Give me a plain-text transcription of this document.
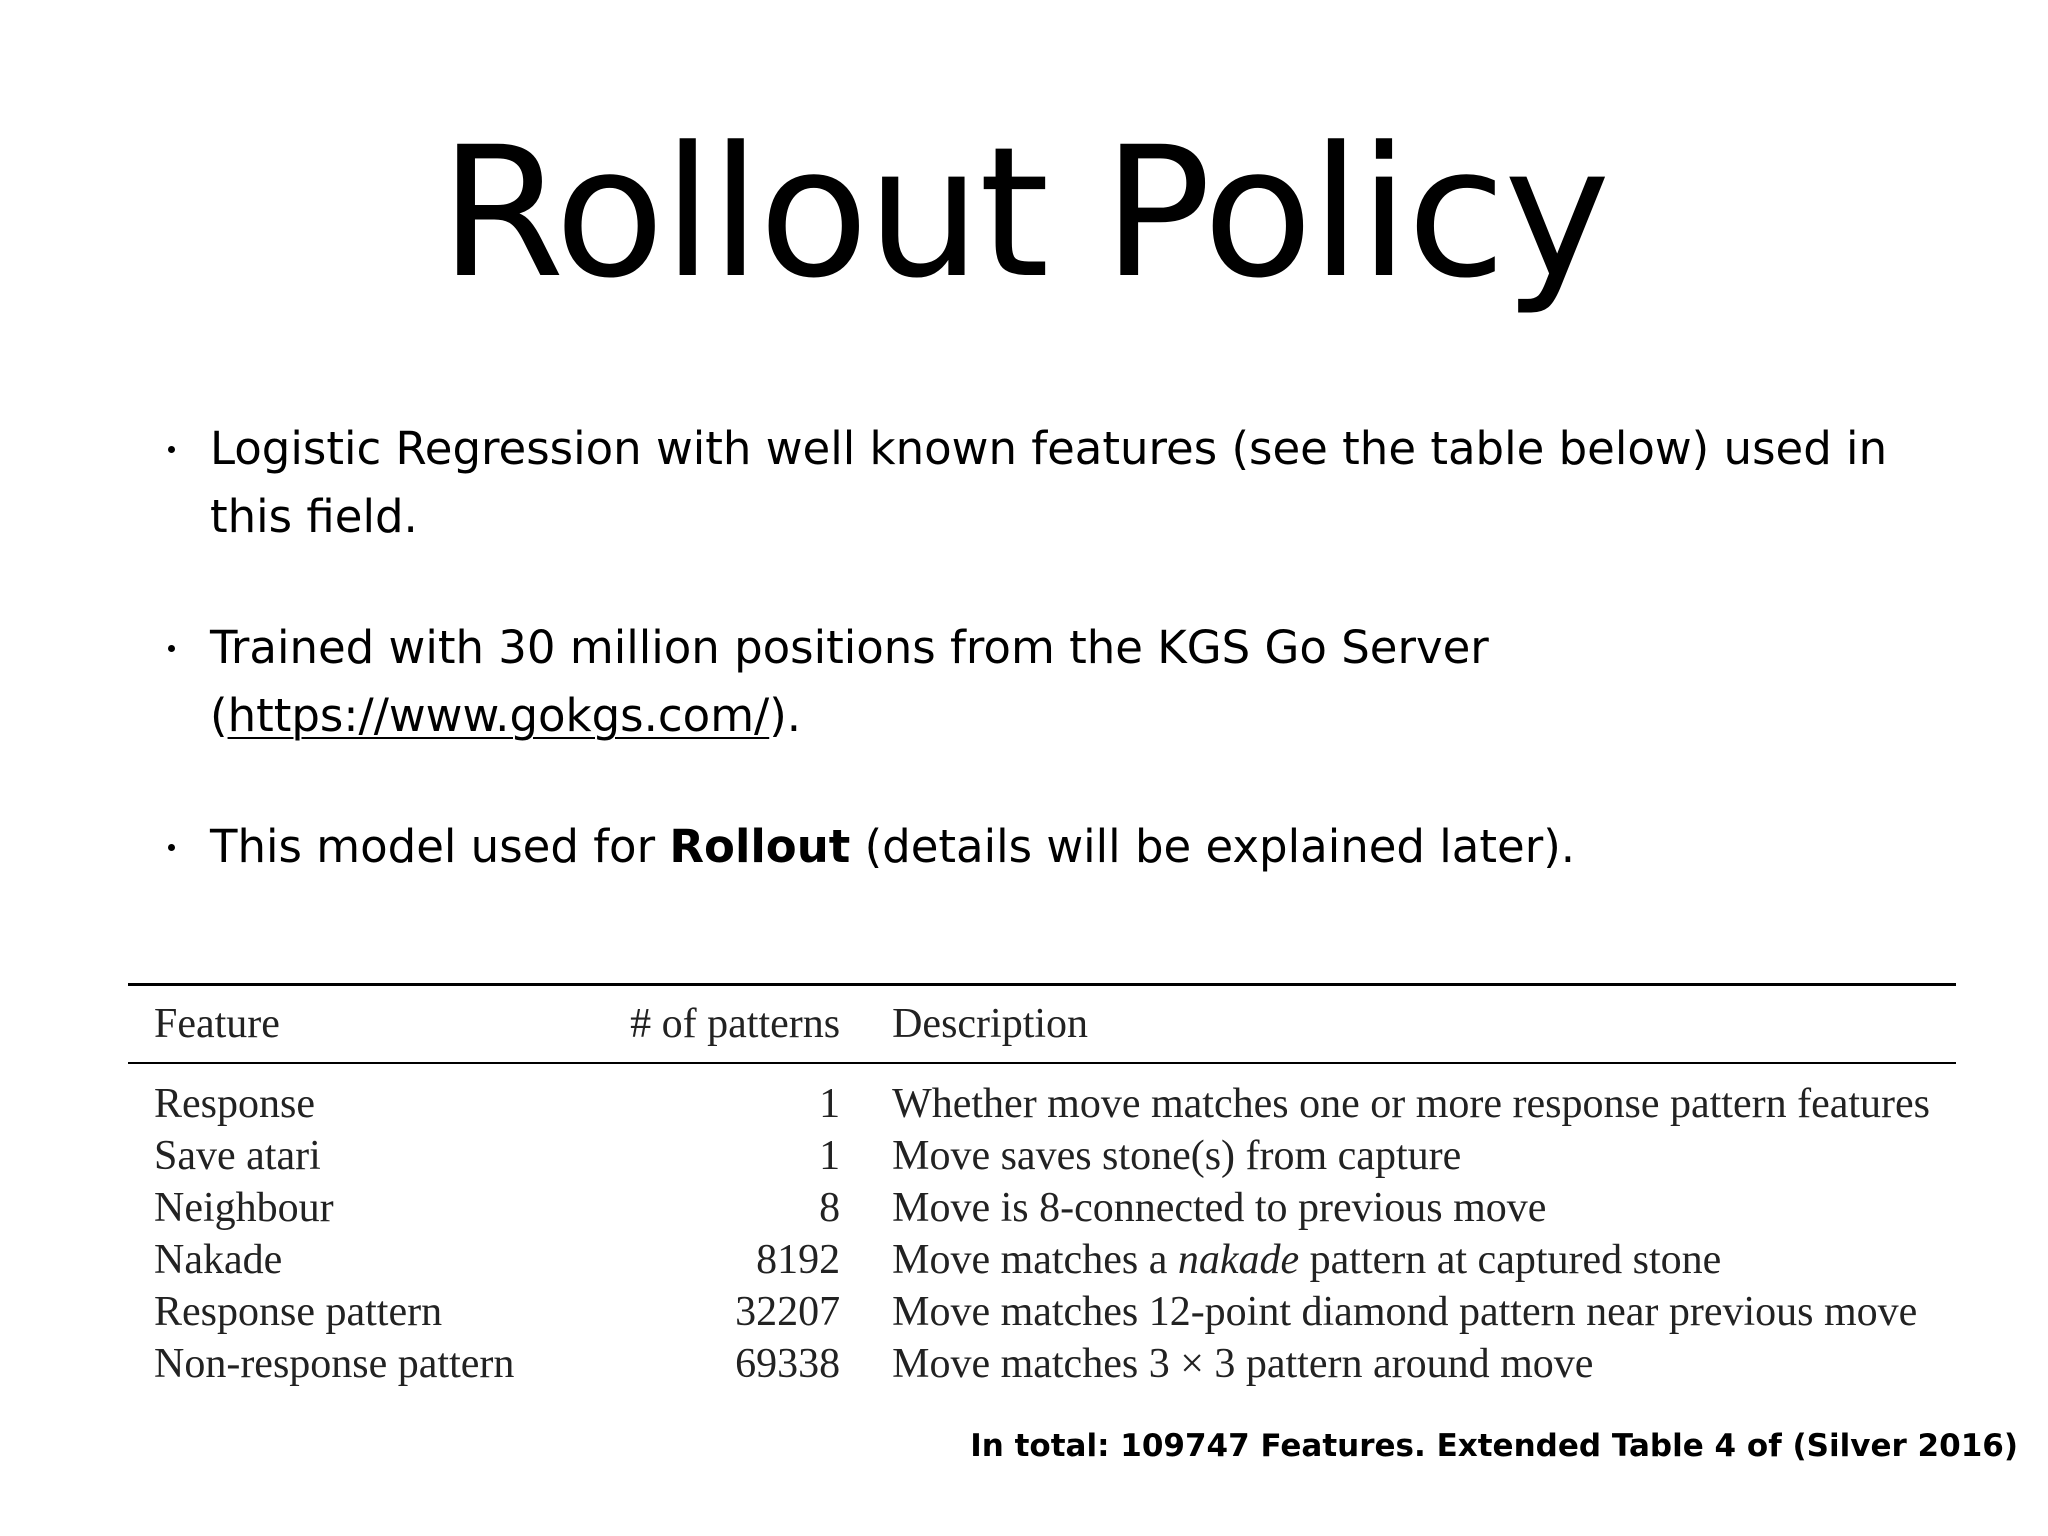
Rollout Policy
Logistic Regression with well known features (see the table below) used in this field.
Trained with 30 million positions from the KGS Go Server (https://www.gokgs.com/).
This model used for Rollout (details will be explained later).
Feature	# of patterns	Description
Response	1	Whether move matches one or more response pattern features
Save atari	1	Move saves stone(s) from capture
Neighbour	8	Move is 8-connected to previous move
Nakade	8192	Move matches a nakade pattern at captured stone
Response pattern	32207	Move matches 12-point diamond pattern near previous move
Non-response pattern	69338	Move matches 3 × 3 pattern around move
In total: 109747 Features. Extended Table 4 of (Silver 2016)
